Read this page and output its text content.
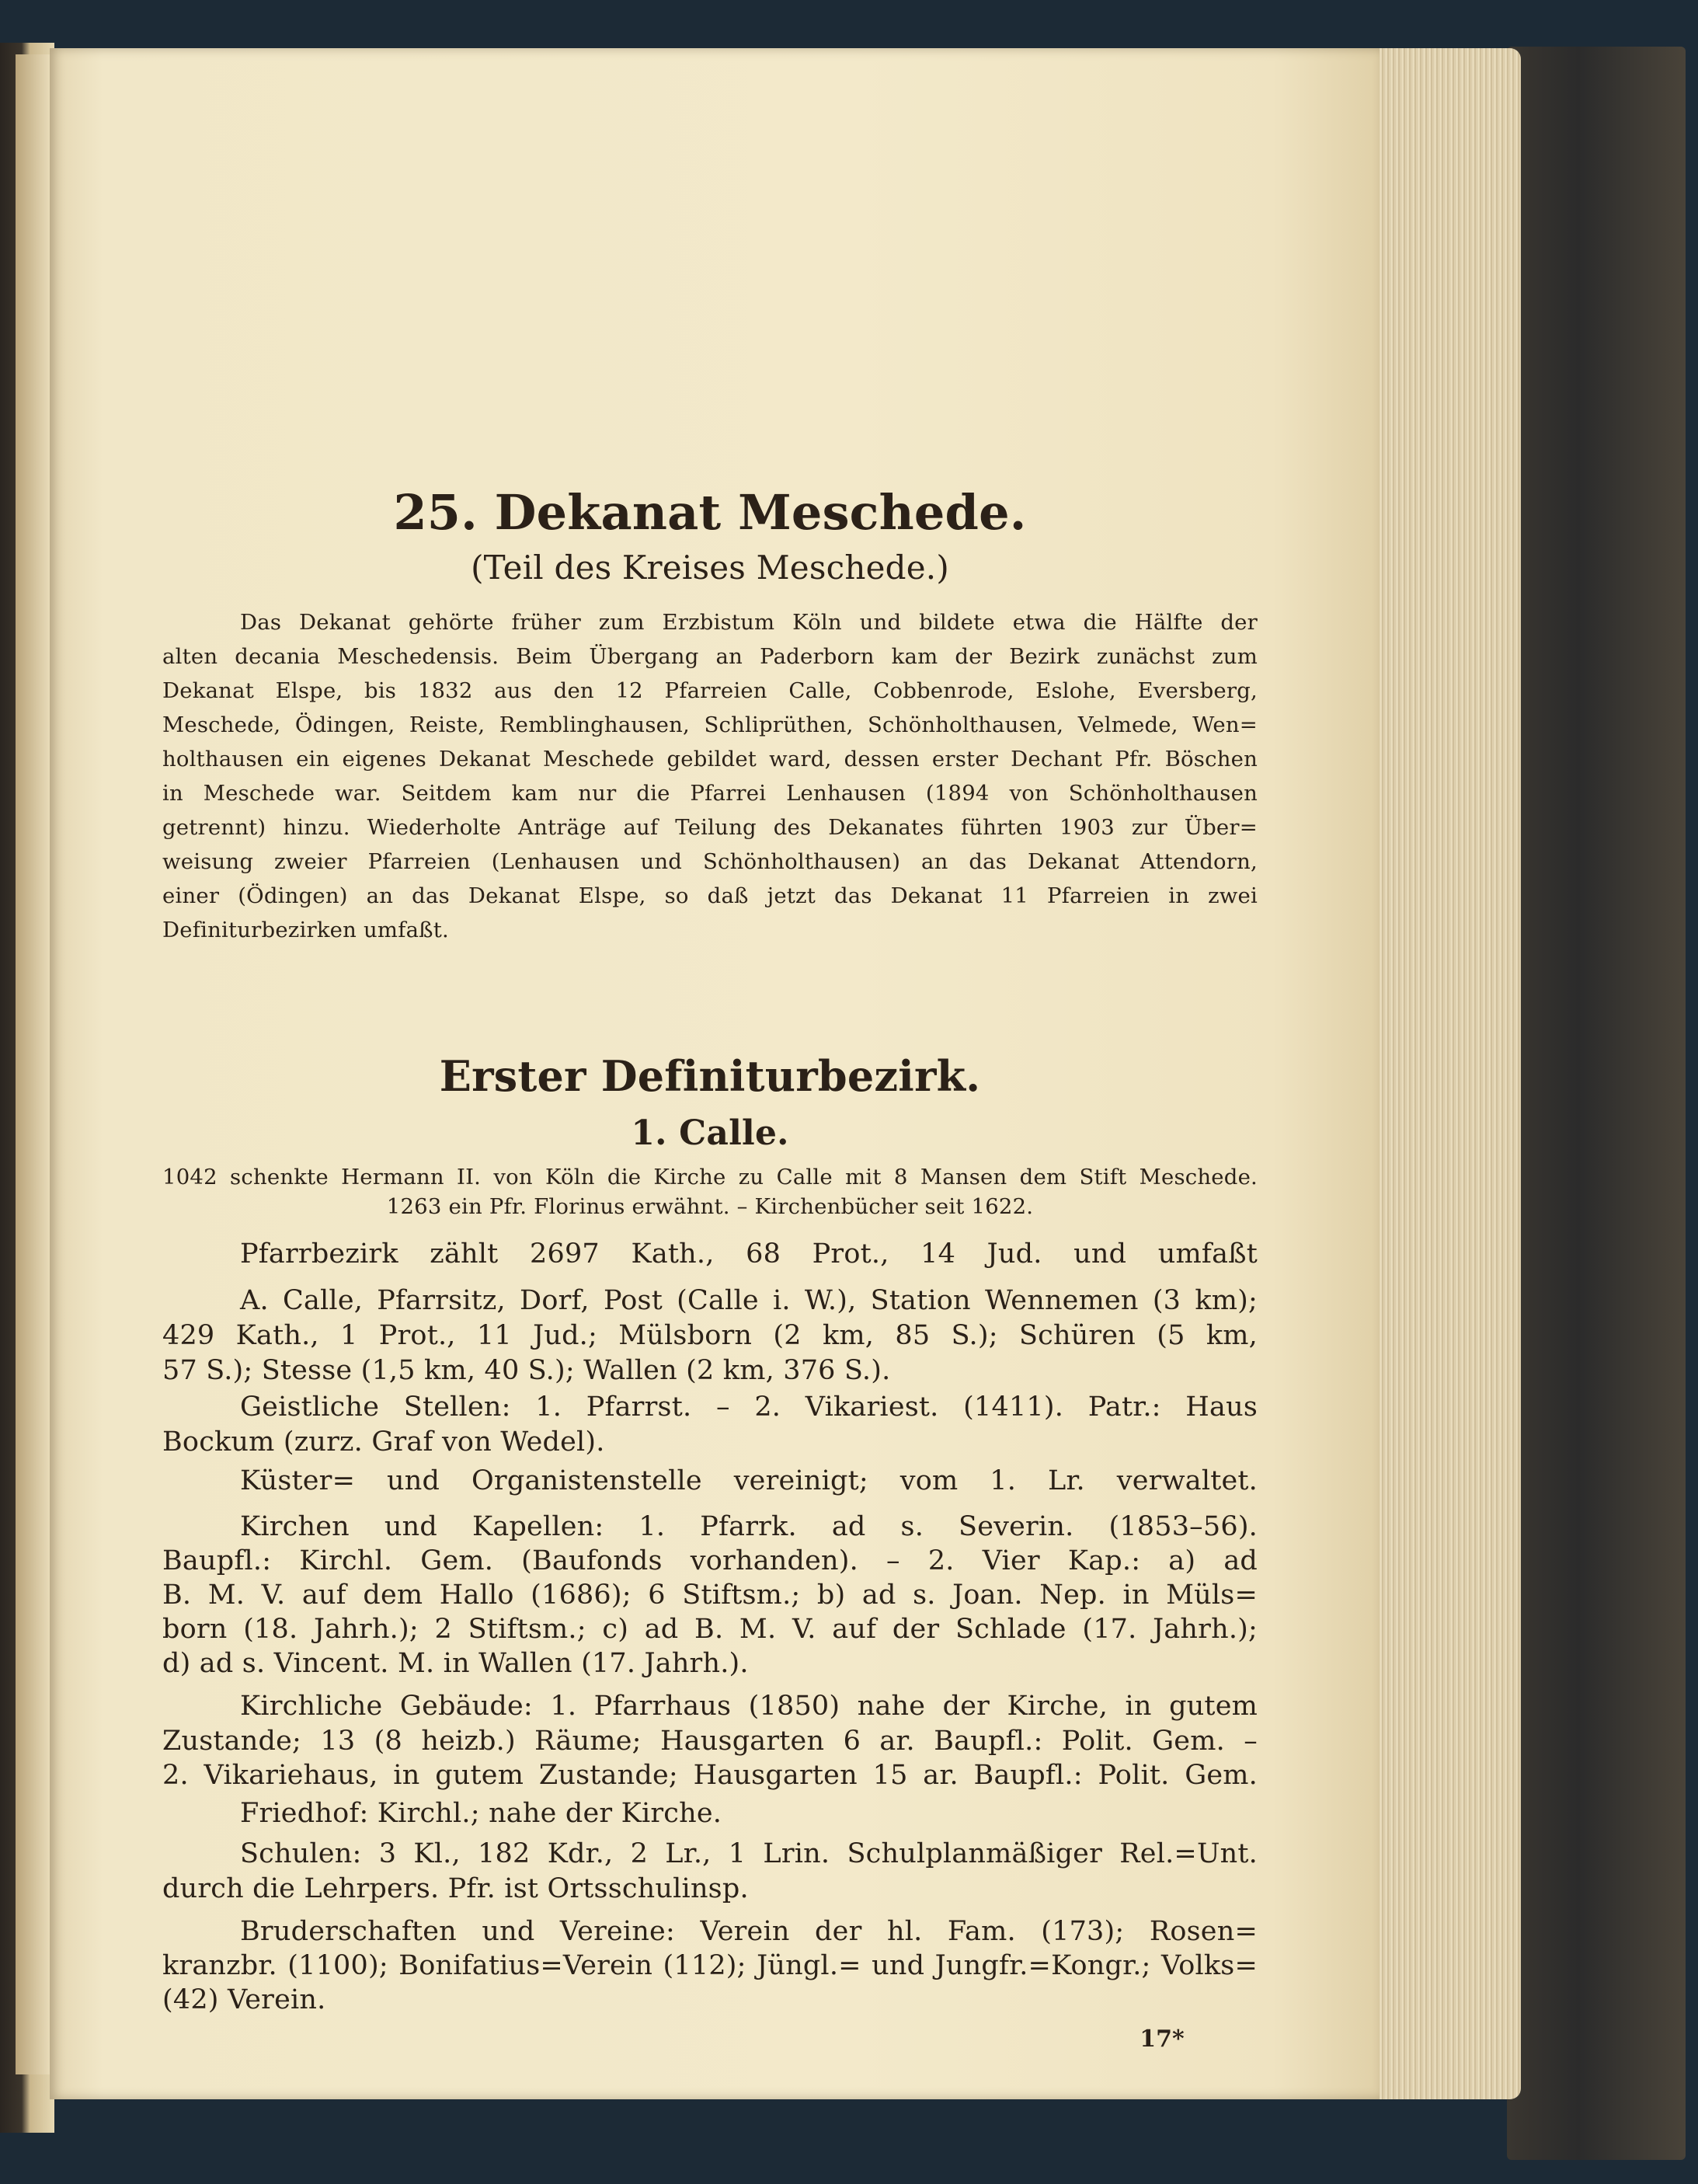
25. Dekanat Meschede.
(Teil des Kreises Meschede.)
Das Dekanat gehörte früher zum Erzbistum Köln und bildete etwa die Hälfte der
alten decania Meschedensis. Beim Übergang an Paderborn kam der Bezirk zunächst zum
Dekanat Elspe, bis 1832 aus den 12 Pfarreien Calle, Cobbenrode, Eslohe, Eversberg,
Meschede, Ödingen, Reiste, Remblinghausen, Schliprüthen, Schönholthausen, Velmede, Wen=
holthausen ein eigenes Dekanat Meschede gebildet ward, dessen erster Dechant Pfr. Böschen
in Meschede war. Seitdem kam nur die Pfarrei Lenhausen (1894 von Schönholthausen
getrennt) hinzu. Wiederholte Anträge auf Teilung des Dekanates führten 1903 zur Über=
weisung zweier Pfarreien (Lenhausen und Schönholthausen) an das Dekanat Attendorn,
einer (Ödingen) an das Dekanat Elspe, so daß jetzt das Dekanat 11 Pfarreien in zwei
Definiturbezirken umfaßt.
Erster Definiturbezirk.
1. Calle.
1042 schenkte Hermann II. von Köln die Kirche zu Calle mit 8 Mansen dem Stift Meschede.
1263 ein Pfr. Florinus erwähnt. – Kirchenbücher seit 1622.
Pfarrbezirk zählt 2697 Kath., 68 Prot., 14 Jud. und umfaßt
A. Calle, Pfarrsitz, Dorf, Post (Calle i. W.), Station Wennemen (3 km);
429 Kath., 1 Prot., 11 Jud.; Mülsborn (2 km, 85 S.); Schüren (5 km,
57 S.); Stesse (1,5 km, 40 S.); Wallen (2 km, 376 S.).
Geistliche Stellen: 1. Pfarrst. – 2. Vikariest. (1411). Patr.: Haus
Bockum (zurz. Graf von Wedel).
Küster= und Organistenstelle vereinigt; vom 1. Lr. verwaltet.
Kirchen und Kapellen: 1. Pfarrk. ad s. Severin. (1853–56).
Baupfl.: Kirchl. Gem. (Baufonds vorhanden). – 2. Vier Kap.: a) ad
B. M. V. auf dem Hallo (1686); 6 Stiftsm.; b) ad s. Joan. Nep. in Müls=
born (18. Jahrh.); 2 Stiftsm.; c) ad B. M. V. auf der Schlade (17. Jahrh.);
d) ad s. Vincent. M. in Wallen (17. Jahrh.).
Kirchliche Gebäude: 1. Pfarrhaus (1850) nahe der Kirche, in gutem
Zustande; 13 (8 heizb.) Räume; Hausgarten 6 ar. Baupfl.: Polit. Gem. –
2. Vikariehaus, in gutem Zustande; Hausgarten 15 ar. Baupfl.: Polit. Gem.
Friedhof: Kirchl.; nahe der Kirche.
Schulen: 3 Kl., 182 Kdr., 2 Lr., 1 Lrin. Schulplanmäßiger Rel.=Unt.
durch die Lehrpers. Pfr. ist Ortsschulinsp.
Bruderschaften und Vereine: Verein der hl. Fam. (173); Rosen=
kranzbr. (1100); Bonifatius=Verein (112); Jüngl.= und Jungfr.=Kongr.; Volks=
(42) Verein.
17*
